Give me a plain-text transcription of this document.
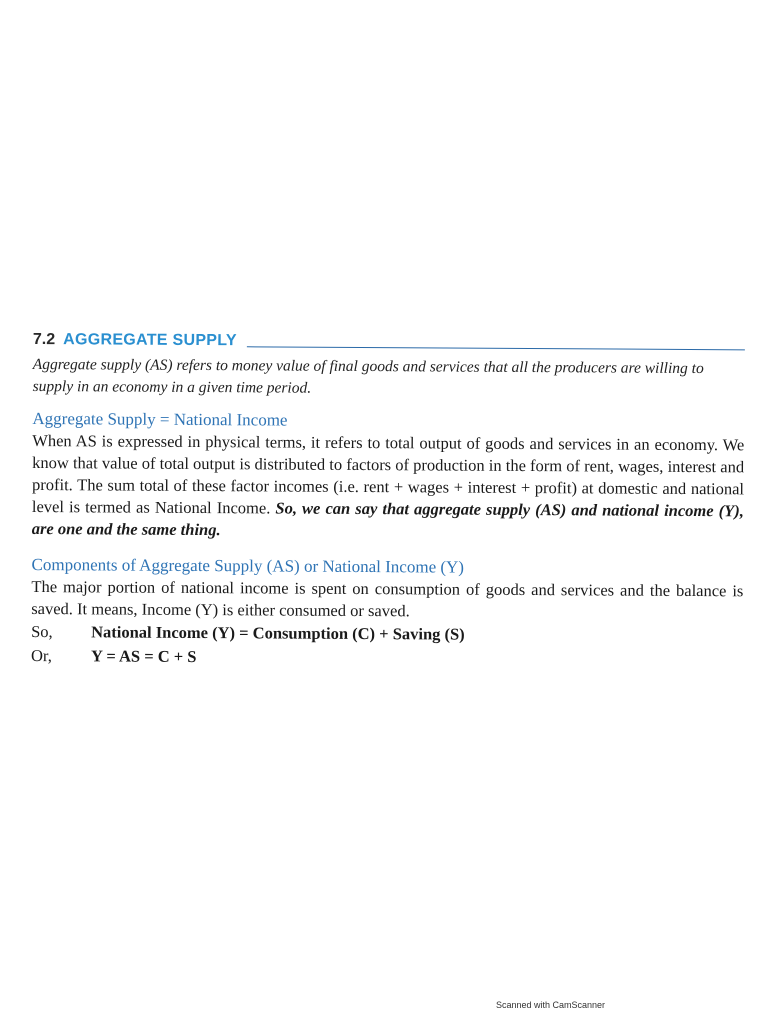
7.2 AGGREGATE SUPPLY

Aggregate supply (AS) refers to money value of final goods and services that all the producers are willing to supply in an economy in a given time period.

Aggregate Supply = National Income

When AS is expressed in physical terms, it refers to total output of goods and services in an economy. We know that value of total output is distributed to factors of production in the form of rent, wages, interest and profit. The sum total of these factor incomes (i.e. rent + wages + interest + profit) at domestic and national level is termed as National Income. So, we can say that aggregate supply (AS) and national income (Y), are one and the same thing.

Components of Aggregate Supply (AS) or National Income (Y)

The major portion of national income is spent on consumption of goods and services and the balance is saved. It means, Income (Y) is either consumed or saved.

So,	National Income (Y) = Consumption (C) + Saving (S)
Or,	Y = AS = C + S
Scanned with CamScanner
